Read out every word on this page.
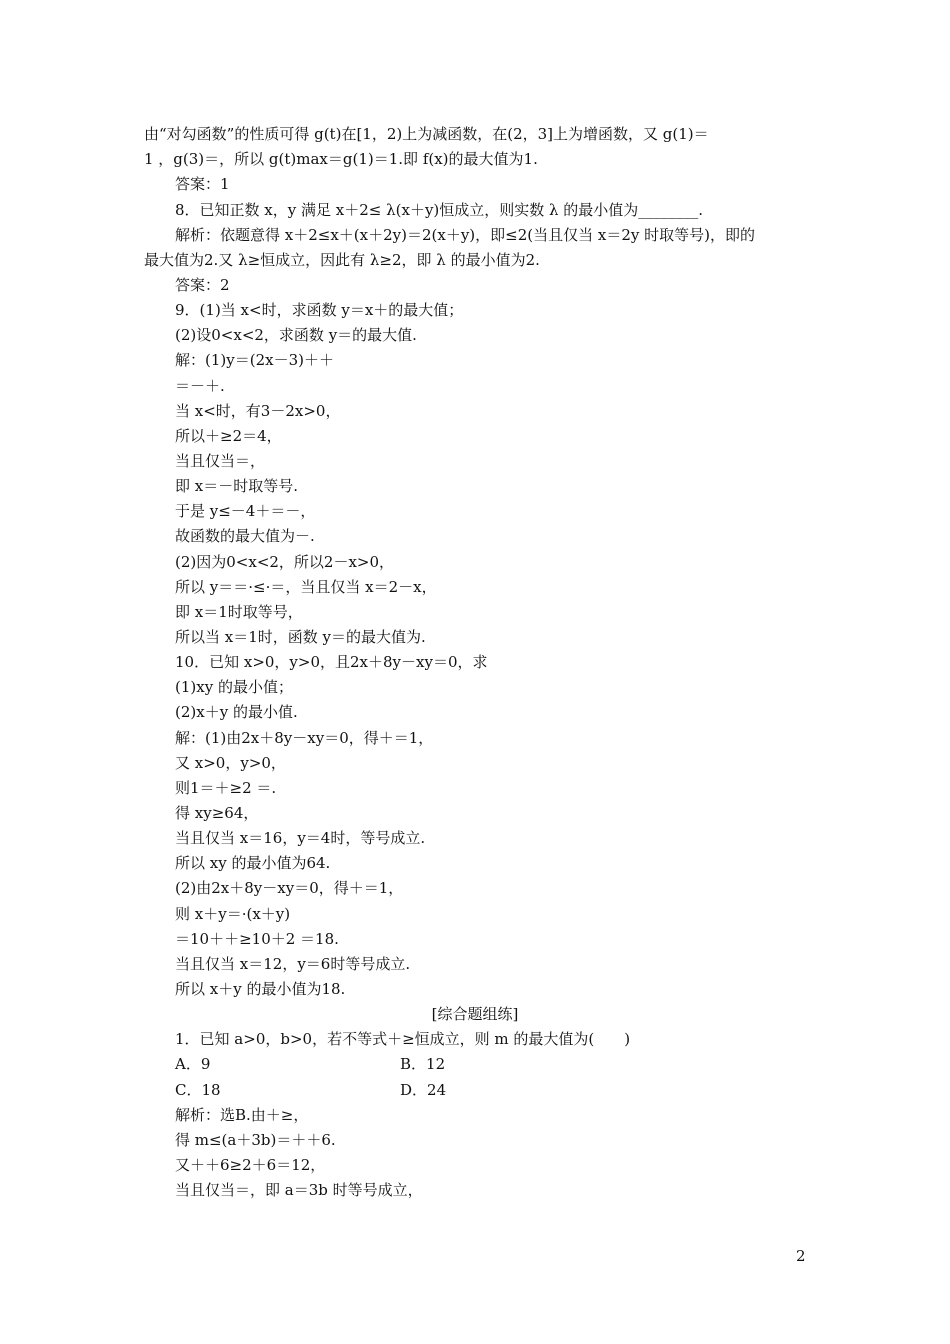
由“对勾函数”的性质可得 g(t)在[1，2)上为减函数，在(2，3]上为增函数，又 g(1)＝
1 ，g(3)＝，所以 g(t)max＝g(1)＝1.即 f(x)的最大值为1.
答案：1
8．已知正数 x，y 满足 x＋2≤ λ(x＋y)恒成立，则实数 λ 的最小值为________.
解析：依题意得 x＋2≤x＋(x＋2y)＝2(x＋y)，即≤2(当且仅当 x＝2y 时取等号)，即的
最大值为2.又 λ≥恒成立，因此有 λ≥2，即 λ 的最小值为2.
答案：2
9．(1)当 x<时，求函数 y＝x＋的最大值；
(2)设0<x<2，求函数 y＝的最大值.
解：(1)y＝(2x－3)＋＋
＝－＋.
当 x<时，有3－2x>0，
所以＋≥2＝4，
当且仅当＝，
即 x＝－时取等号.
于是 y≤－4＋＝－，
故函数的最大值为－.
(2)因为0<x<2，所以2－x>0，
所以 y＝＝·≤·＝，当且仅当 x＝2－x，
即 x＝1时取等号，
所以当 x＝1时，函数 y＝的最大值为.
10．已知 x>0，y>0，且2x＋8y－xy＝0，求
(1)xy 的最小值；
(2)x＋y 的最小值.
解：(1)由2x＋8y－xy＝0，得＋＝1，
又 x>0，y>0，
则1＝＋≥2 ＝.
得 xy≥64，
当且仅当 x＝16，y＝4时，等号成立.
所以 xy 的最小值为64.
(2)由2x＋8y－xy＝0，得＋＝1，
则 x＋y＝·(x＋y)
＝10＋＋≥10＋2 ＝18.
当且仅当 x＝12，y＝6时等号成立.
所以 x＋y 的最小值为18.
[综合题组练]
1．已知 a>0，b>0，若不等式＋≥恒成立，则 m 的最大值为(　　)
A．9	B．12
C．18	D．24
解析：选B.由＋≥，
得 m≤(a＋3b)＝＋＋6.
又＋＋6≥2＋6＝12，
当且仅当＝，即 a＝3b 时等号成立，
2
